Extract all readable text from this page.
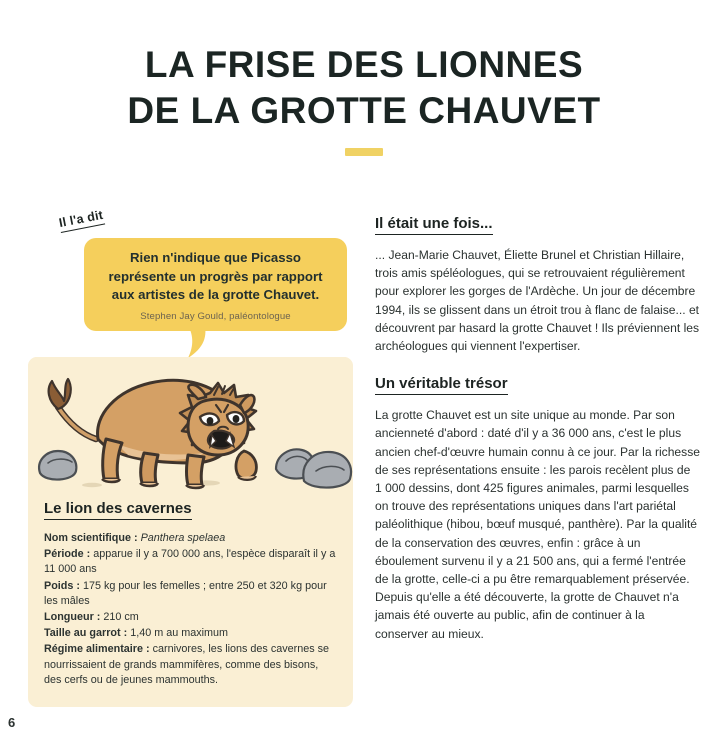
LA FRISE DES LIONNES
DE LA GROTTE CHAUVET
Il l'a dit
Rien n'indique que Picasso représente un progrès par rapport aux artistes de la grotte Chauvet.
Stephen Jay Gould, paléontologue
Le lion des cavernes
Nom scientifique : Panthera spelaea
Période : apparue il y a 700 000 ans, l'espèce disparaît il y a 11 000 ans
Poids : 175 kg pour les femelles ; entre 250 et 320 kg pour les mâles
Longueur : 210 cm
Taille au garrot : 1,40 m au maximum
Régime alimentaire : carnivores, les lions des cavernes se nourrissaient de grands mammifères, comme des bisons, des cerfs ou de jeunes mammouths.
Il était une fois...

... Jean-Marie Chauvet, Éliette Brunel et Christian Hillaire, trois amis spéléologues, qui se retrouvaient régulièrement pour explorer les gorges de l'Ardèche. Un jour de décembre 1994, ils se glissent dans un étroit trou à flanc de falaise... et découvrent par hasard la grotte Chauvet ! Ils préviennent les archéologues qui viennent l'expertiser.

Un véritable trésor

La grotte Chauvet est un site unique au monde. Par son ancienneté d'abord : daté d'il y a 36 000 ans, c'est le plus ancien chef-d'œuvre humain connu à ce jour. Par la richesse de ses représentations ensuite : les parois recèlent plus de 1 000 dessins, dont 425 figures animales, parmi lesquelles on trouve des représentations uniques dans l'art pariétal paléolithique (hibou, bœuf musqué, panthère). Par la qualité de la conservation des œuvres, enfin : grâce à un éboulement survenu il y a 21 500 ans, qui a fermé l'entrée de la grotte, celle-ci a pu être remarquablement préservée. Depuis qu'elle a été découverte, la grotte de Chauvet n'a jamais été ouverte au public, afin de continuer à la conserver au mieux.

6
